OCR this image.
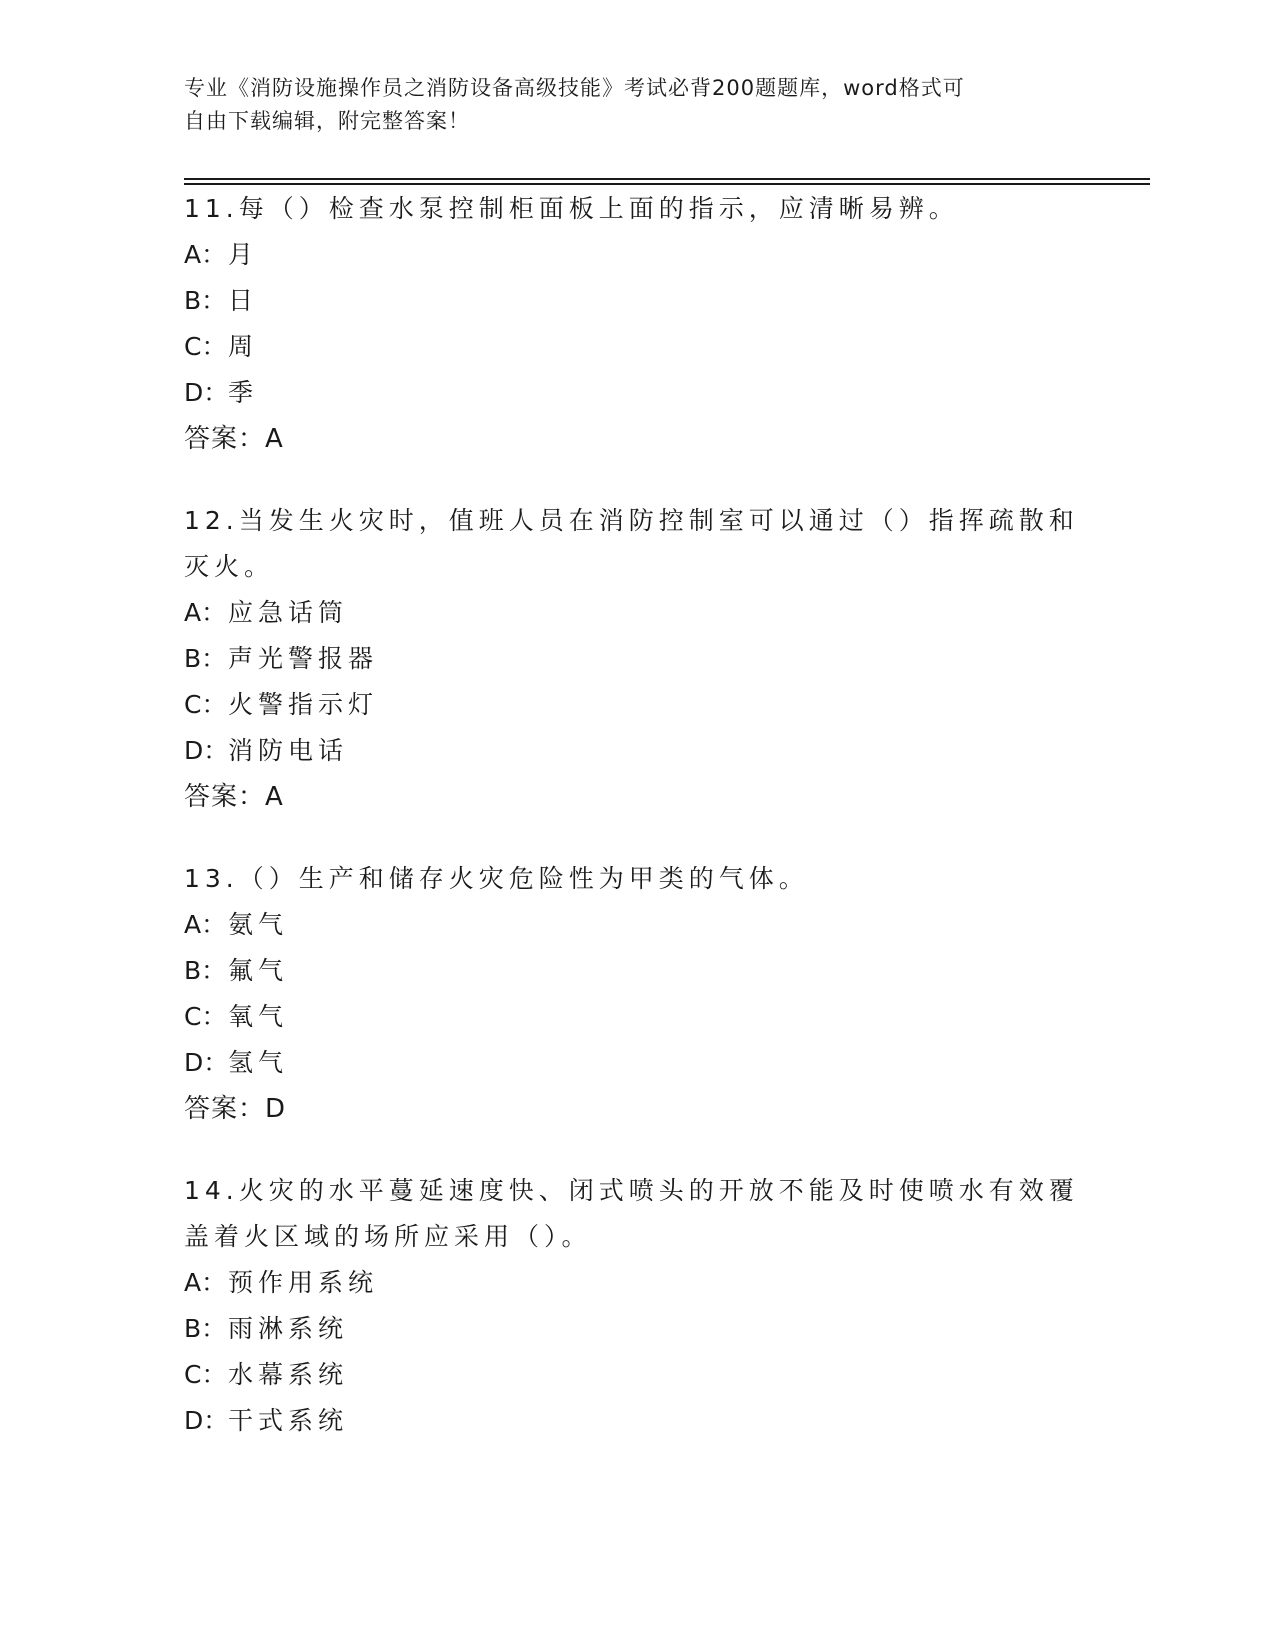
专业《消防设施操作员之消防设备高级技能》考试必背200题题库，word格式可
自由下载编辑，附完整答案！
11.每（）检查水泵控制柜面板上面的指示，应清晰易辨。
A：月
B：日
C：周
D：季
答案：A
12.当发生火灾时，值班人员在消防控制室可以通过（）指挥疏散和灭火。
A：应急话筒
B：声光警报器
C：火警指示灯
D：消防电话
答案：A
13.（）生产和储存火灾危险性为甲类的气体。
A：氨气
B：氟气
C：氧气
D：氢气
答案：D
14.火灾的水平蔓延速度快、闭式喷头的开放不能及时使喷水有效覆盖着火区域的场所应采用（）。
A：预作用系统
B：雨淋系统
C：水幕系统
D：干式系统
